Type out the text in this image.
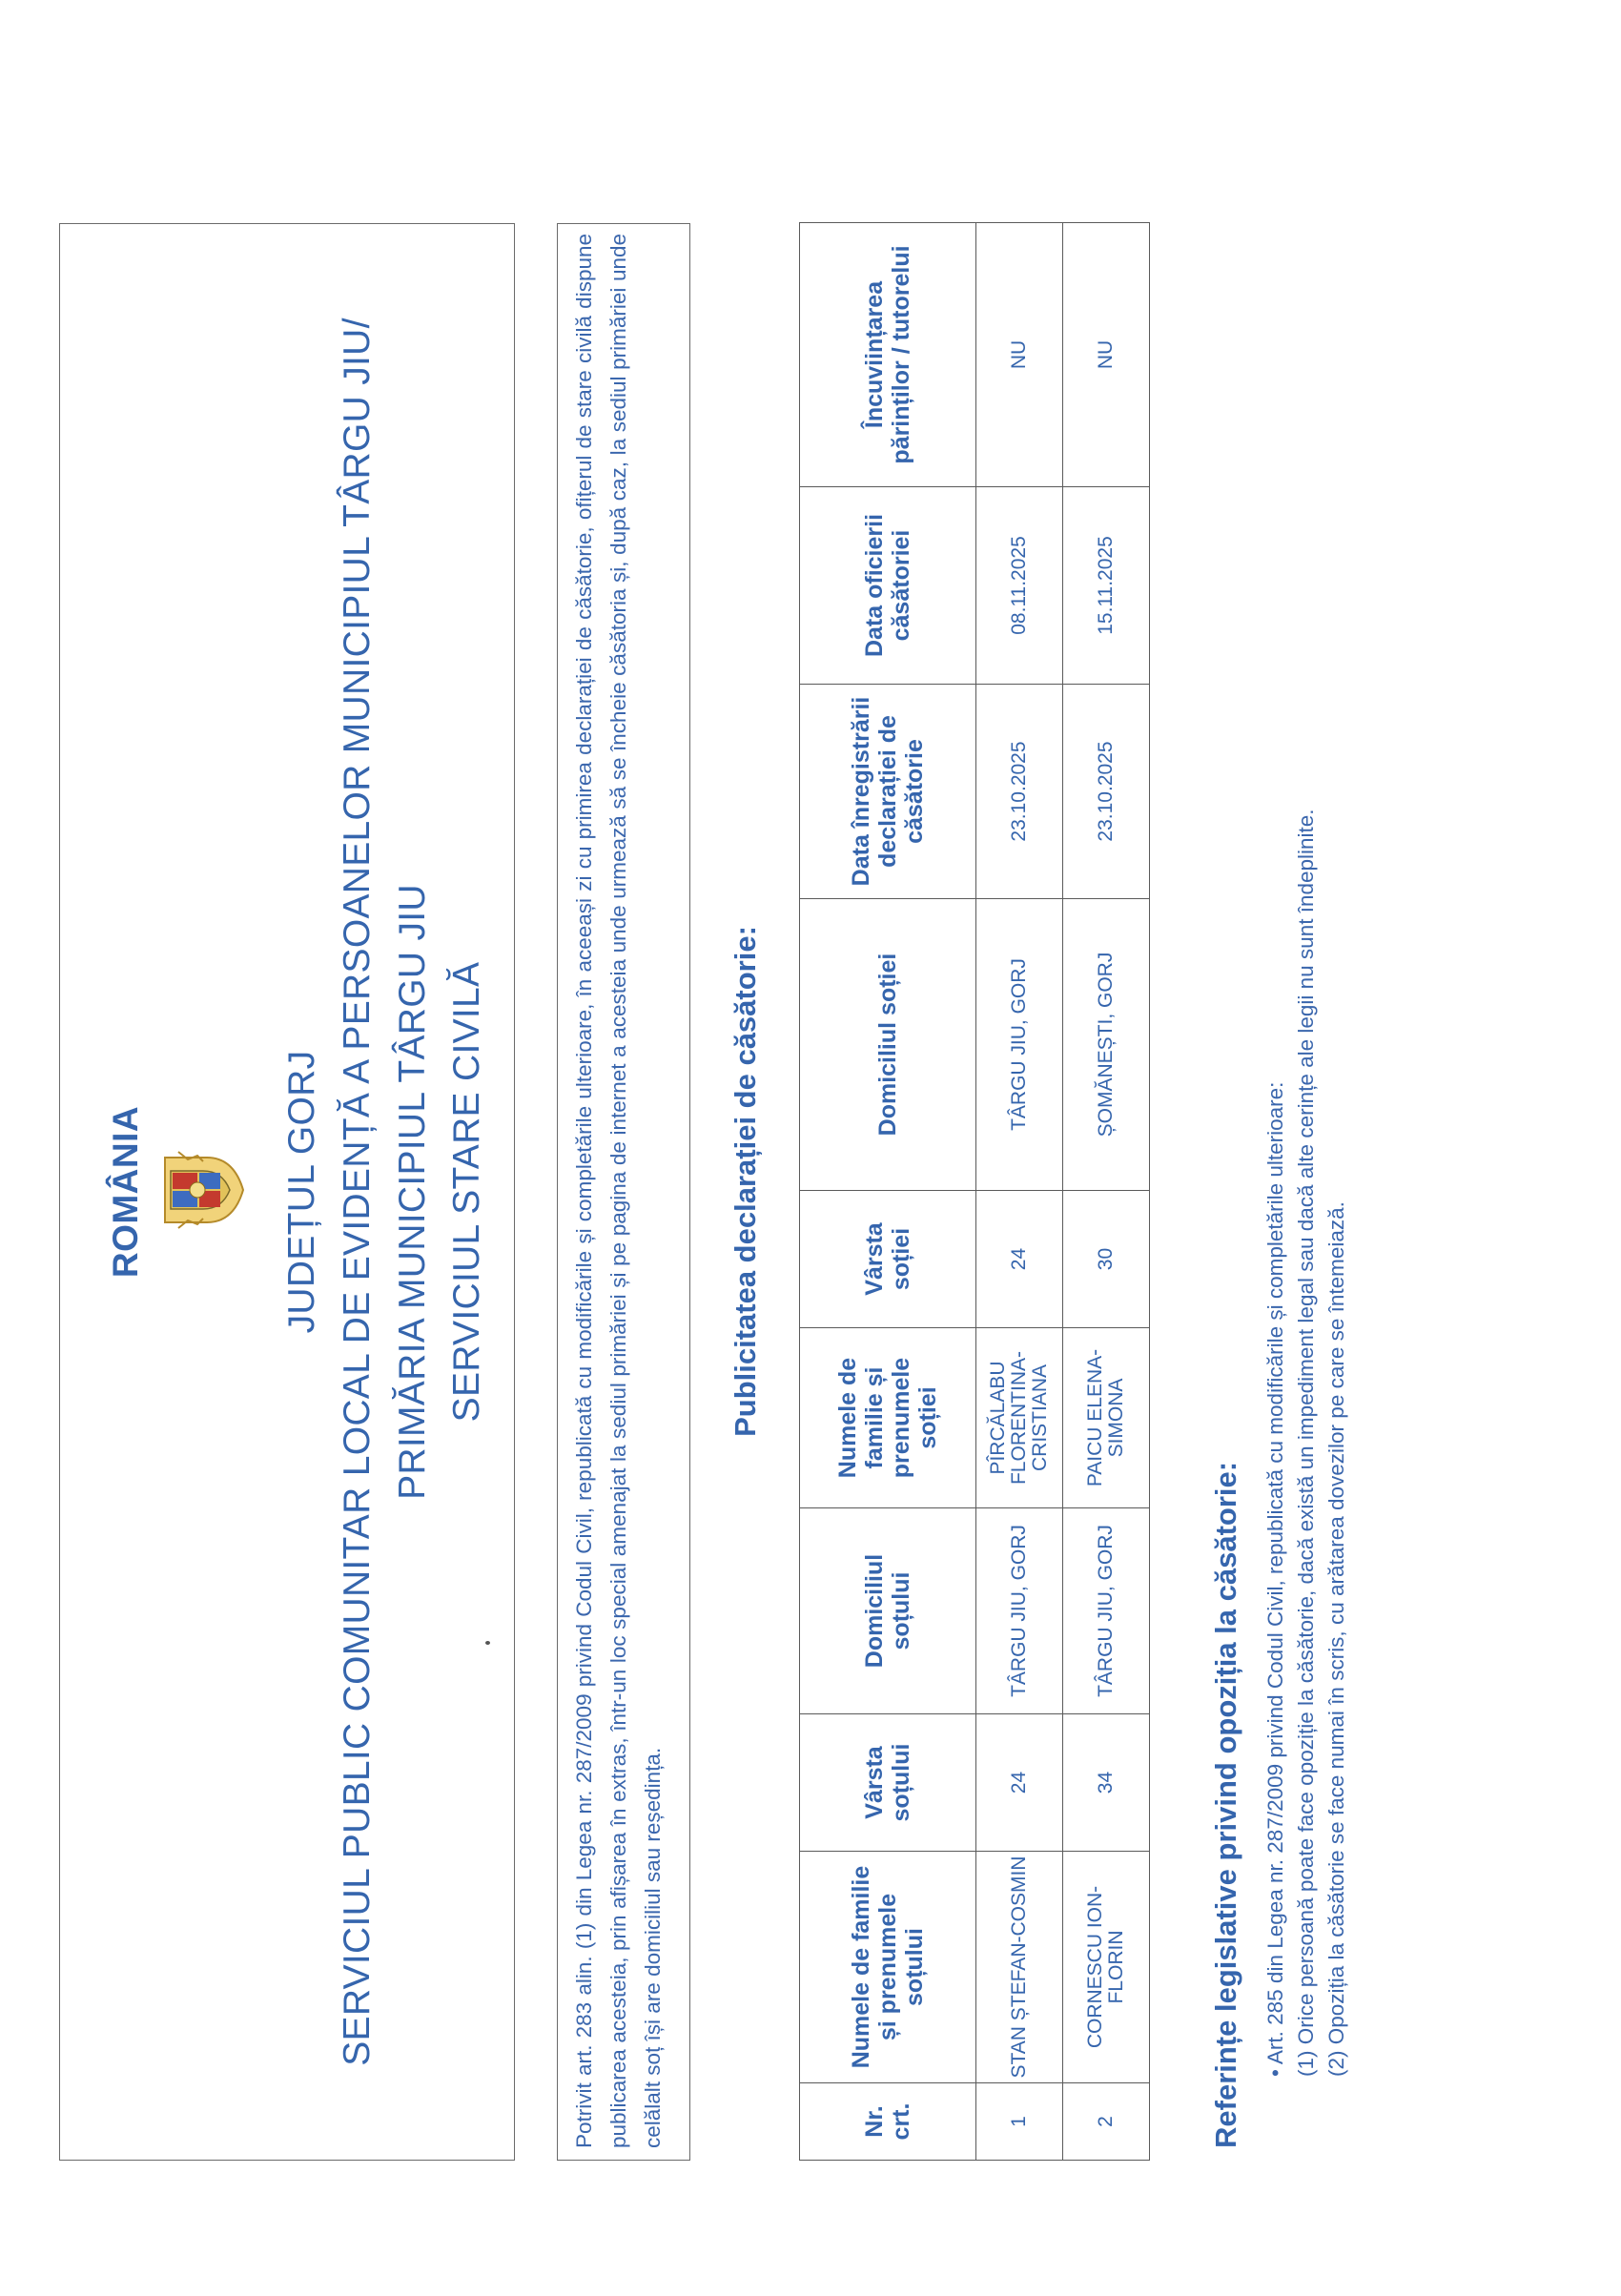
ROMÂNIA	JUDEȚUL GORJ SERVICIUL PUBLIC COMUNITAR LOCAL DE EVIDENȚĂ A PERSOANELOR MUNICIPIUL TÂRGU JIU/ PRIMĂRIA MUNICIPIUL TÂRGU JIU SERVICIUL STARE CIVILĂ	Potrivit art. 283 alin. (1) din Legea nr. 287/2009 privind Codul Civil, republicată cu modificările și completările ulterioare, în aceeași zi cu primirea declarației de căsătorie, ofițerul de stare civilă dispune publicarea acesteia, prin afișarea în extras, într-un loc special amenajat la sediul primăriei și pe pagina de internet a acesteia unde urmează să se încheie căsătoria și, după caz, la sediul primăriei unde celălalt soț își are domiciliul sau reședința.
Publicitatea declarației de căsătorie:
Nr. crt.	Numele de familie și prenumele soțului	Vârsta soțului	Domiciliul soțului	Numele de familie și prenumele soției	Vârsta soției	Domiciliul soției	Data înregistrării declarației de căsătorie	Data oficierii căsătoriei	Încuviințarea părinților / tutorelui
1	STAN ȘTEFAN-COSMIN	24	TÂRGU JIU, GORJ	PÎRCĂLABU FLORENTINA-CRISTIANA	24	TÂRGU JIU, GORJ	23.10.2025	08.11.2025	NU
2	CORNESCU ION-FLORIN	34	TÂRGU JIU, GORJ	PAICU ELENA-SIMONA	30	ȘOMĂNEȘTI, GORJ	23.10.2025	15.11.2025	NU
Referințe legislative privind opoziția la căsătorie: • Art. 285 din Legea nr. 287/2009 privind Codul Civil, republicată cu modificările și completările ulterioare: (1) Orice persoană poate face opoziție la căsătorie, dacă există un impediment legal sau dacă alte cerințe ale legii nu sunt îndeplinite. (2) Opoziția la căsătorie se face numai în scris, cu arătarea dovezilor pe care se întemeiază.
